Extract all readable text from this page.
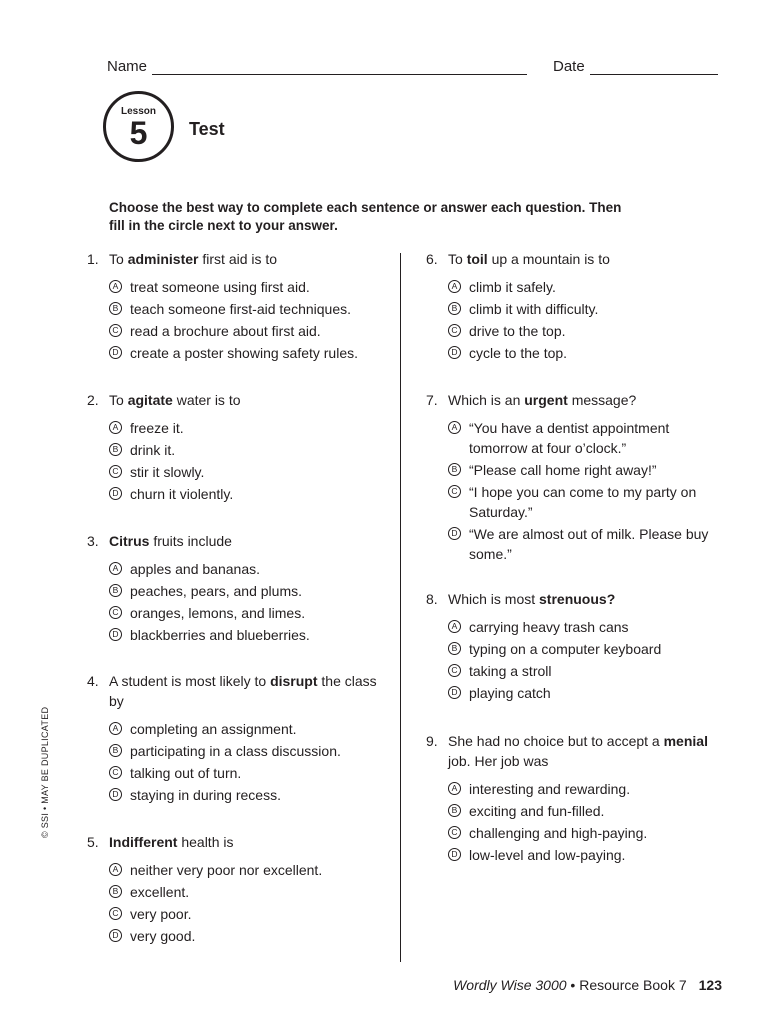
Name	Date
Lesson
5	Test

Choose the best way to complete each sentence or answer each question. Then fill in the circle next to your answer.

1. To administer first aid is to
A treat someone using first aid.
B teach someone first-aid techniques.
C read a brochure about first aid.
D create a poster showing safety rules.
2. To agitate water is to
A freeze it.
B drink it.
C stir it slowly.
D churn it violently.
3. Citrus fruits include
A apples and bananas.
B peaches, pears, and plums.
C oranges, lemons, and limes.
D blackberries and blueberries.
4. A student is most likely to disrupt the class by
A completing an assignment.
B participating in a class discussion.
C talking out of turn.
D staying in during recess.
5. Indifferent health is
A neither very poor nor excellent.
B excellent.
C very poor.
D very good.
6. To toil up a mountain is to
A climb it safely.
B climb it with difficulty.
C drive to the top.
D cycle to the top.
7. Which is an urgent message?
A “You have a dentist appointment tomorrow at four o’clock.”
B “Please call home right away!”
C “I hope you can come to my party on Saturday.”
D “We are almost out of milk. Please buy some.”
8. Which is most strenuous?
A carrying heavy trash cans
B typing on a computer keyboard
C taking a stroll
D playing catch
9. She had no choice but to accept a menial job. Her job was
A interesting and rewarding.
B exciting and fun-filled.
C challenging and high-paying.
D low-level and low-paying.
© SSI • MAY BE DUPLICATED
Wordly Wise 3000 • Resource Book 7 123
